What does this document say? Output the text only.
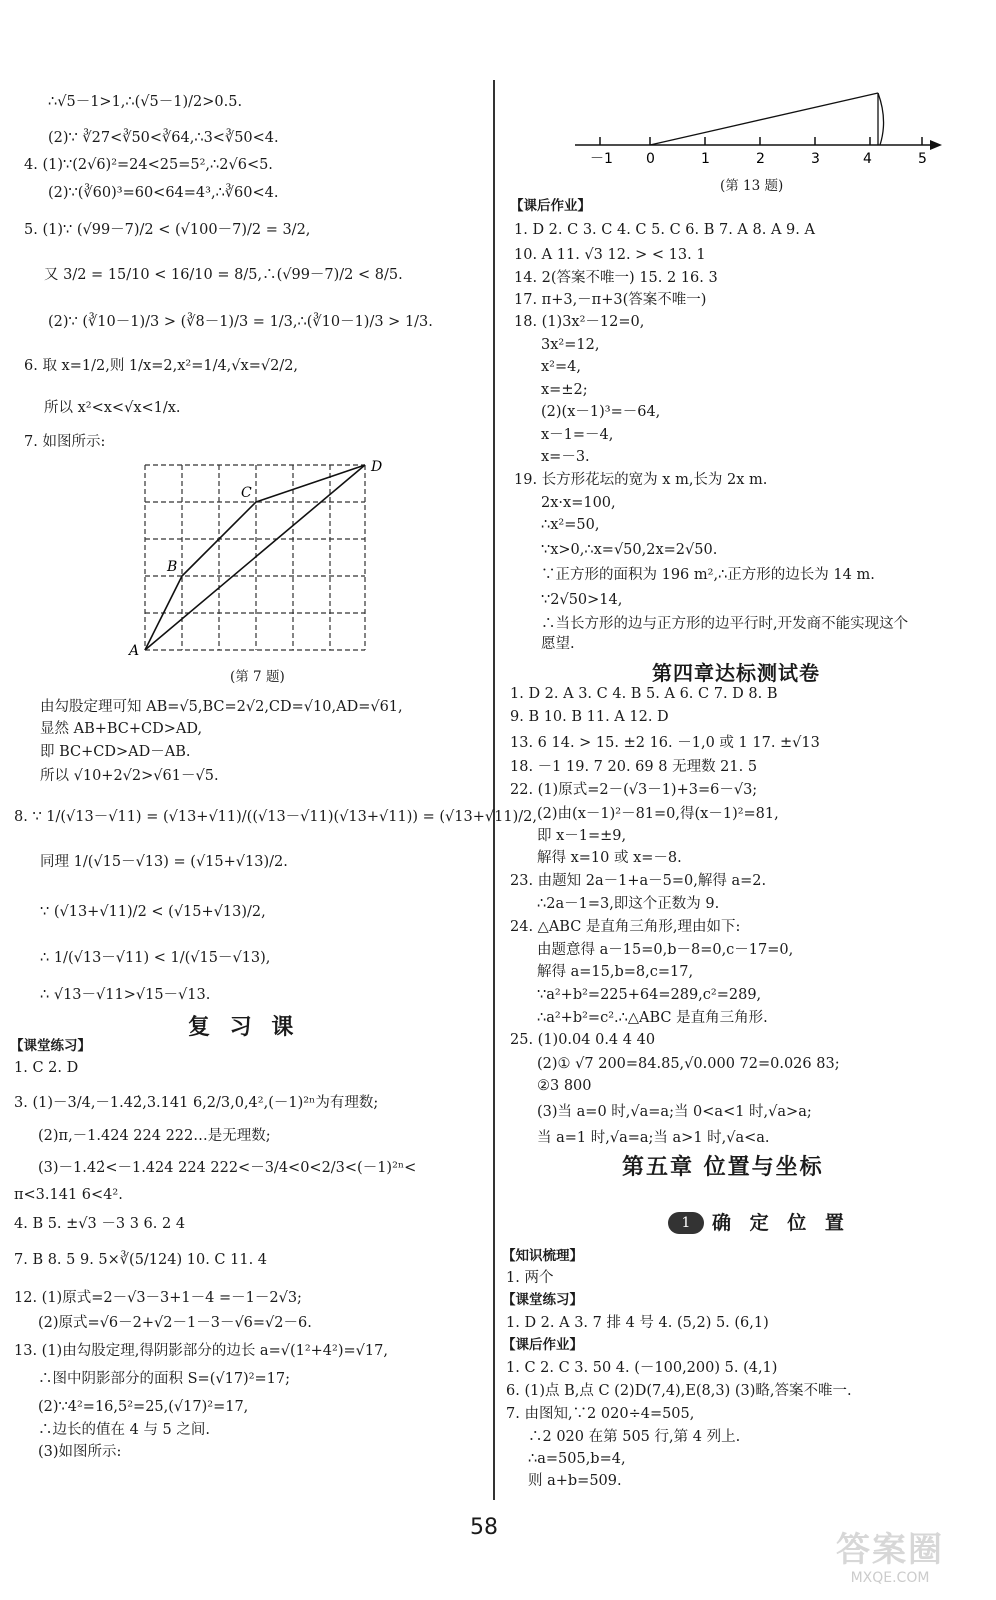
∴√5－1>1,∴(√5－1)/2>0.5.
(2)∵ ∛27<∛50<∛64,∴3<∛50<4.
4. (1)∵(2√6)²=24<25=5²,∴2√6<5.
(2)∵(∛60)³=60<64=4³,∴∛60<4.
5. (1)∵ (√99－7)/2 < (√100－7)/2 = 3/2,
又 3/2 = 15/10 < 16/10 = 8/5,∴(√99－7)/2 < 8/5.
(2)∵ (∛10－1)/3 > (∛8－1)/3 = 1/3,∴(∛10－1)/3 > 1/3.
6. 取 x=1/2,则 1/x=2,x²=1/4,√x=√2/2,
所以 x²<x<√x<1/x.
7. 如图所示:
A
B
C
D
(第 7 题)
由勾股定理可知 AB=√5,BC=2√2,CD=√10,AD=√61,
显然 AB+BC+CD>AD,
即 BC+CD>AD－AB.
所以 √10+2√2>√61－√5.
8. ∵ 1/(√13－√11) = (√13+√11)/((√13－√11)(√13+√11)) = (√13+√11)/2,
同理 1/(√15－√13) = (√15+√13)/2.
∵ (√13+√11)/2 < (√15+√13)/2,
∴ 1/(√13－√11) < 1/(√15－√13),
∴ √13－√11>√15－√13.
复 习 课
【课堂练习】
1. C 2. D
3. (1)－3/4,－1.42̇,3.141 6,2/3,0,4²,(－1)²ⁿ为有理数;
(2)π,－1.424 224 222…是无理数;
(3)－1.42̇<－1.424 224 222<－3/4<0<2/3<(－1)²ⁿ<
π<3.141 6<4².
4. B 5. ±√3 －3 3 6. 2 4
7. B 8. 5 9. 5×∛(5/124) 10. C 11. 4
12. (1)原式=2－√3－3+1－4 =－1－2√3;
(2)原式=√6－2+√2－1－3－√6=√2－6.
13. (1)由勾股定理,得阴影部分的边长 a=√(1²+4²)=√17,
∴图中阴影部分的面积 S=(√17)²=17;
(2)∵4²=16,5²=25,(√17)²=17,
∴边长的值在 4 与 5 之间.
(3)如图所示:
－1 0	1	2	3	4	5
(第 13 题)
【课后作业】
1. D 2. C 3. C 4. C 5. C 6. B 7. A 8. A 9. A
10. A 11. √3 12. > < 13. 1
14. 2(答案不唯一) 15. 2 16. 3
17. π+3,－π+3(答案不唯一)
18. (1)3x²－12=0,
3x²=12,
x²=4,
x=±2;
(2)(x－1)³=－64,
x－1=－4,
x=－3.
19. 长方形花坛的宽为 x m,长为 2x m.
2x·x=100,
∴x²=50,
∵x>0,∴x=√50,2x=2√50.
∵正方形的面积为 196 m²,∴正方形的边长为 14 m.
∵2√50>14,
∴当长方形的边与正方形的边平行时,开发商不能实现这个
愿望.
第四章达标测试卷
1. D 2. A 3. C 4. B 5. A 6. C 7. D 8. B
9. B 10. B 11. A 12. D
13. 6 14. > 15. ±2 16. －1,0 或 1 17. ±√13
18. －1 19. 7 20. 69 8 无理数 21. 5
22. (1)原式=2－(√3－1)+3=6－√3;
(2)由(x－1)²－81=0,得(x－1)²=81,
即 x－1=±9,
解得 x=10 或 x=－8.
23. 由题知 2a－1+a－5=0,解得 a=2.
∴2a－1=3,即这个正数为 9.
24. △ABC 是直角三角形,理由如下:
由题意得 a－15=0,b－8=0,c－17=0,
解得 a=15,b=8,c=17,
∵a²+b²=225+64=289,c²=289,
∴a²+b²=c².∴△ABC 是直角三角形.
25. (1)0.04 0.4 4 40
(2)① √7 200=84.85,√0.000 72=0.026 83;
②3 800
(3)当 a=0 时,√a=a;当 0<a<1 时,√a>a;
当 a=1 时,√a=a;当 a>1 时,√a<a.
第五章 位置与坐标
1	确 定 位 置
【知识梳理】
1. 两个
【课堂练习】
1. D 2. A 3. 7 排 4 号 4. (5,2) 5. (6,1)
【课后作业】
1. C 2. C 3. 50 4. (－100,200) 5. (4,1)
6. (1)点 B,点 C (2)D(7,4),E(8,3) (3)略,答案不唯一.
7. 由图知,∵2 020÷4=505,
∴2 020 在第 505 行,第 4 列上.
∴a=505,b=4,
则 a+b=509.
58
答案圈
MXQE.COM
